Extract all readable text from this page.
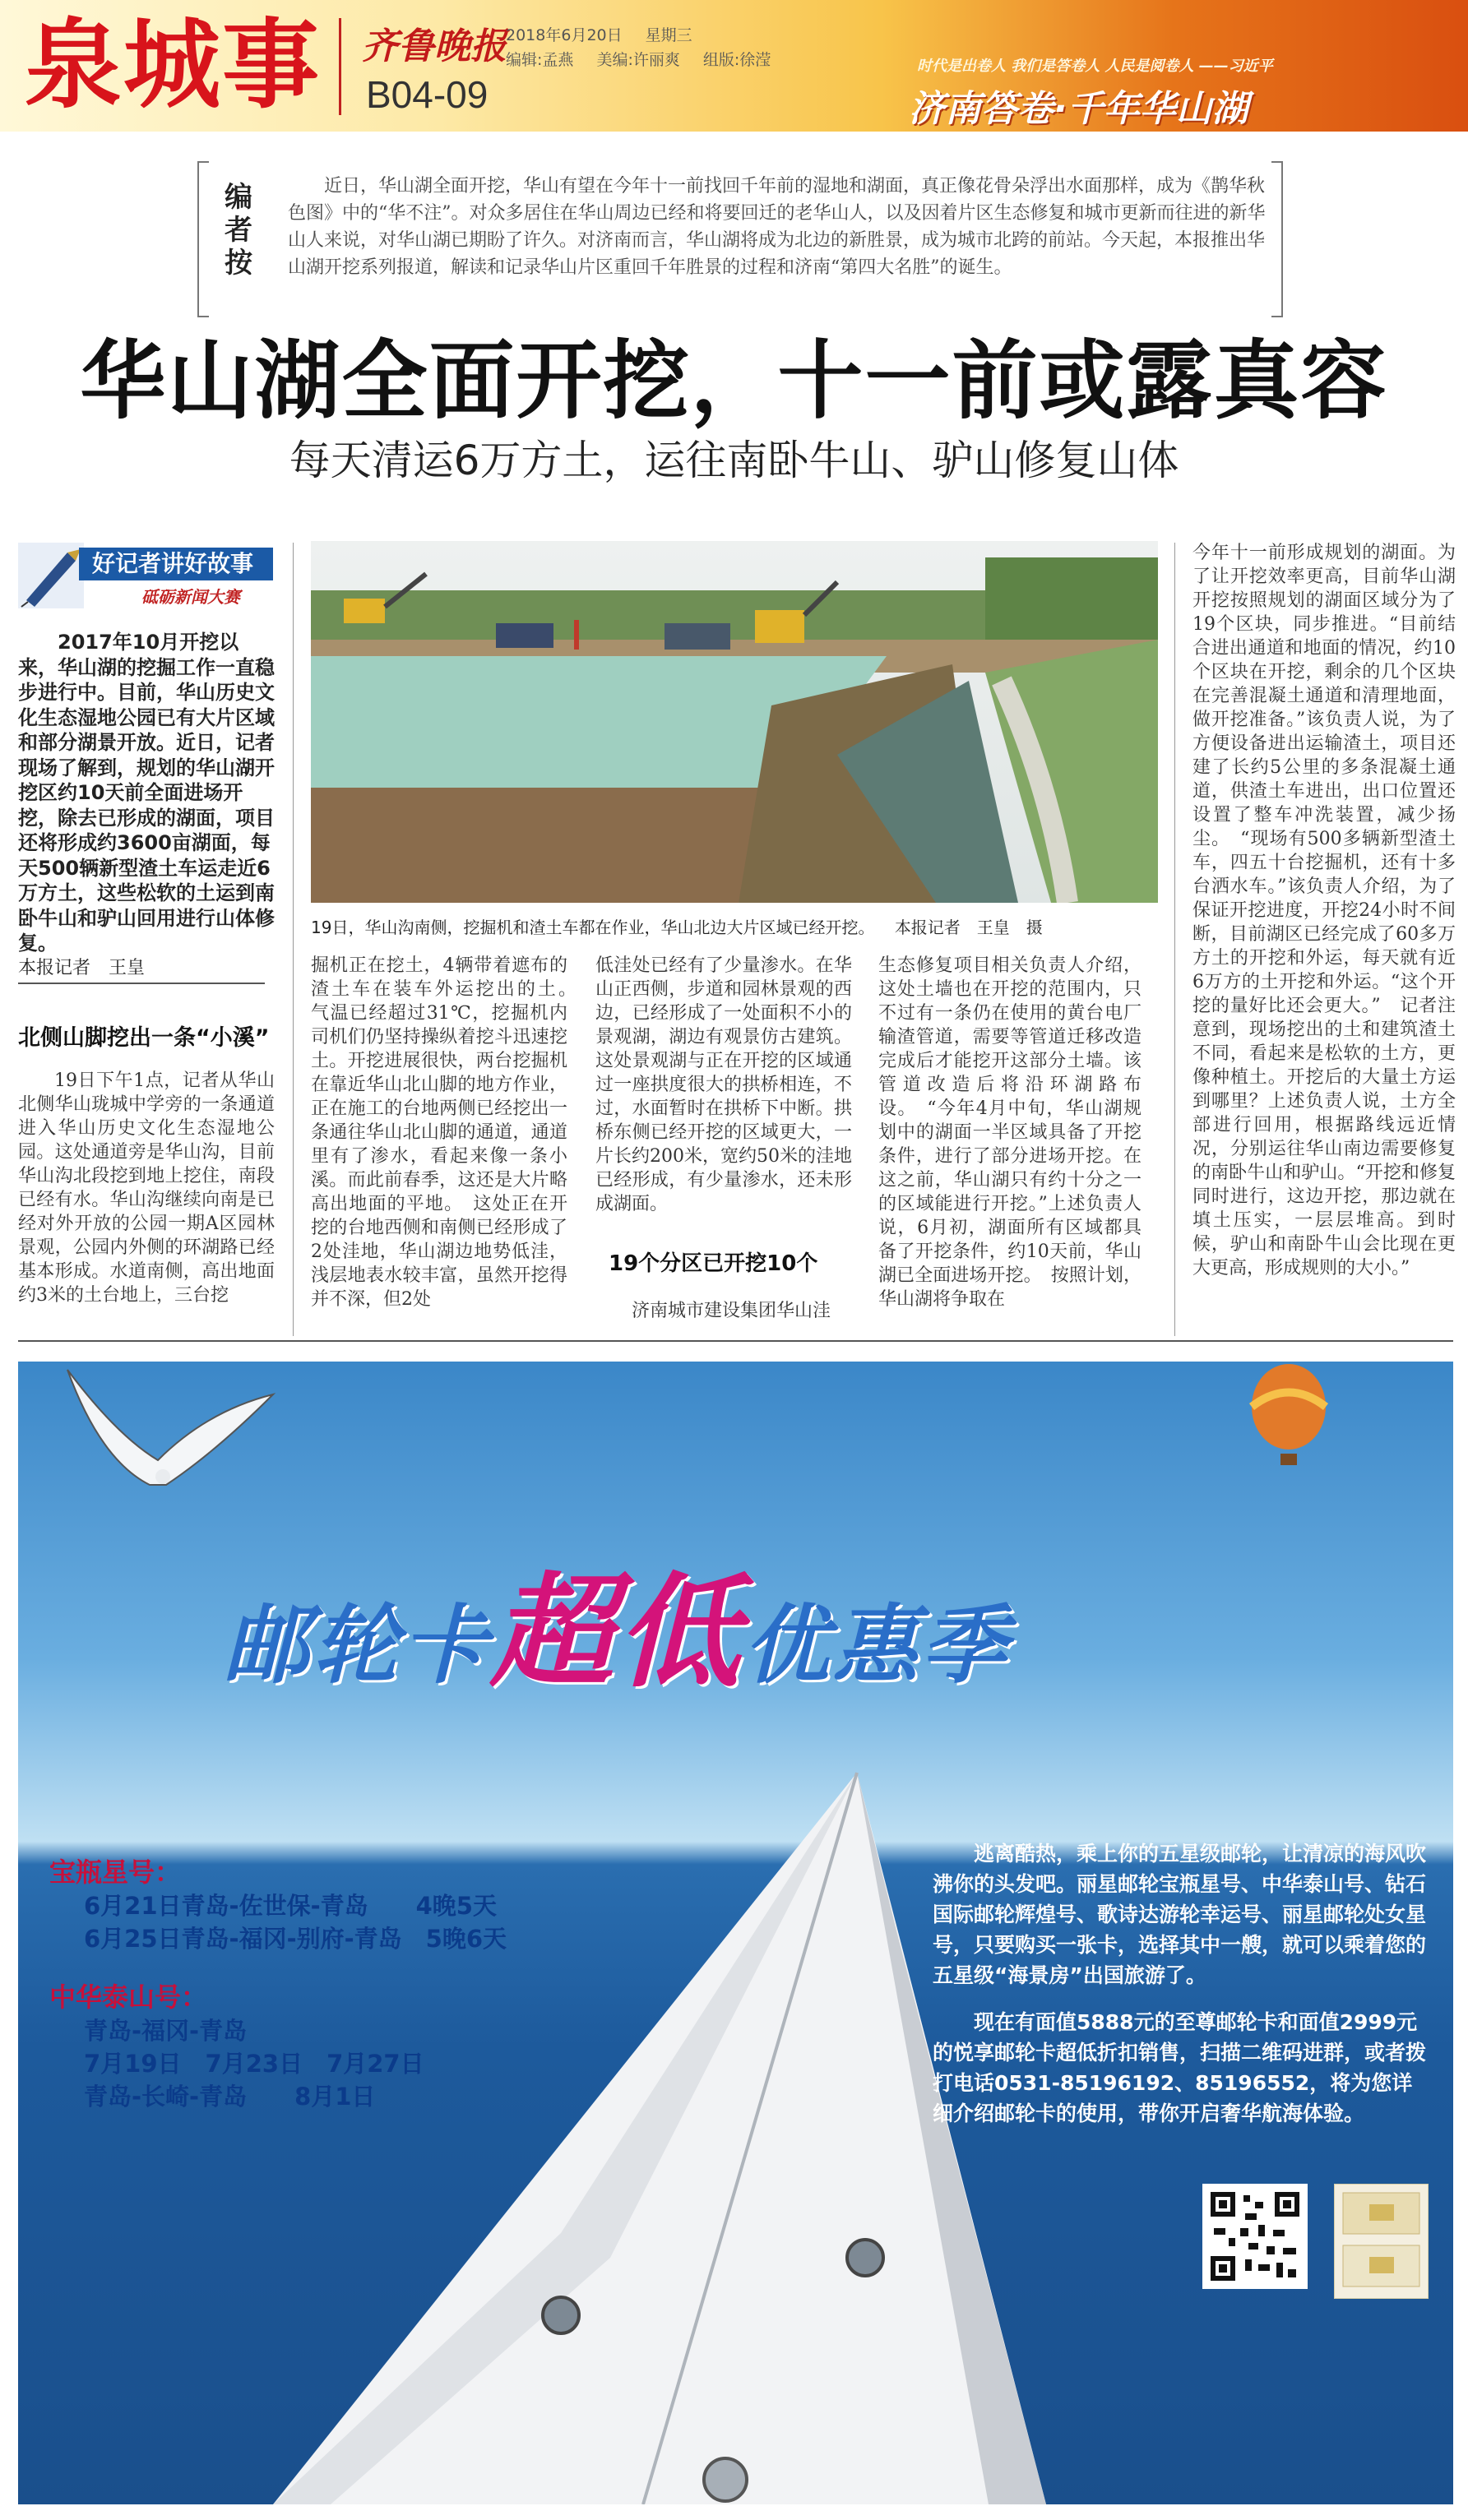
泉城事 齐鲁晚报
B04-09
2018年6月20日 星期三
编辑:孟燕 美编:许丽爽 组版:徐滢	时代是出卷人 我们是答卷人 人民是阅卷人 ——习近平
济南答卷·千年华山湖
编者按
近日，华山湖全面开挖，华山有望在今年十一前找回千年前的湿地和湖面，真正像花骨朵浮出水面那样，成为《鹊华秋色图》中的“华不注”。对众多居住在华山周边已经和将要回迁的老华山人，以及因着片区生态修复和城市更新而往进的新华山人来说，对华山湖已期盼了许久。对济南而言，华山湖将成为北边的新胜景，成为城市北跨的前站。今天起，本报推出华山湖开挖系列报道，解读和记录华山片区重回千年胜景的过程和济南“第四大名胜”的诞生。
华山湖全面开挖，十一前或露真容
每天清运6万方土，运往南卧牛山、驴山修复山体
好记者讲好故事
砥砺新闻大赛
2017年10月开挖以来，华山湖的挖掘工作一直稳步进行中。目前，华山历史文化生态湿地公园已有大片区域和部分湖景开放。近日，记者现场了解到，规划的华山湖开挖区约10天前全面进场开挖，除去已形成的湖面，项目还将形成约3600亩湖面，每天500辆新型渣土车运走近6万方土，这些松软的土运到南卧牛山和驴山回用进行山体修复。
本报记者　王皇
北侧山脚挖出一条“小溪”
19日下午1点，记者从华山北侧华山珑城中学旁的一条通道进入华山历史文化生态湿地公园。这处通道旁是华山沟，目前华山沟北段挖到地上挖住，南段已经有水。华山沟继续向南是已经对外开放的公园一期A区园林景观，公园内外侧的环湖路已经基本形成。水道南侧，高出地面约3米的土台地上，三台挖
19日，华山沟南侧，挖掘机和渣土车都在作业，华山北边大片区域已经开挖。 本报记者　王皇　摄
掘机正在挖土，4辆带着遮布的渣土车在装车外运挖出的土。　气温已经超过31℃，挖掘机内司机们仍坚持操纵着挖斗迅速挖土。开挖进展很快，两台挖掘机在靠近华山北山脚的地方作业，正在施工的台地两侧已经挖出一条通往华山北山脚的通道，通道里有了渗水，看起来像一条小溪。而此前春季，这还是大片略高出地面的平地。　这处正在开挖的台地西侧和南侧已经形成了2处洼地，华山湖边地势低洼，浅层地表水较丰富，虽然开挖得并不深，但2处
低洼处已经有了少量渗水。在华山正西侧，步道和园林景观的西边，已经形成了一处面积不小的景观湖，湖边有观景仿古建筑。这处景观湖与正在开挖的区域通过一座拱度很大的拱桥相连，不过，水面暂时在拱桥下中断。拱桥东侧已经开挖的区域更大，一片长约200米，宽约50米的洼地已经形成，有少量渗水，还未形成湖面。
19个分区已开挖10个
济南城市建设集团华山洼
生态修复项目相关负责人介绍，这处土墙也在开挖的范围内，只不过有一条仍在使用的黄台电厂输渣管道，需要等管道迁移改造完成后才能挖开这部分土墙。该管道改造后将沿环湖路布设。　“今年4月中旬，华山湖规划中的湖面一半区域具备了开挖条件，进行了部分进场开挖。在这之前，华山湖只有约十分之一的区域能进行开挖。”上述负责人说，6月初，湖面所有区域都具备了开挖条件，约10天前，华山湖已全面进场开挖。　按照计划，华山湖将争取在
今年十一前形成规划的湖面。为了让开挖效率更高，目前华山湖开挖按照规划的湖面区域分为了19个区块，同步推进。“目前结合进出通道和地面的情况，约10个区块在开挖，剩余的几个区块在完善混凝土通道和清理地面，做开挖准备。”该负责人说，为了方便设备进出运输渣土，项目还建了长约5公里的多条混凝土通道，供渣土车进出，出口位置还设置了整车冲洗装置，减少扬尘。　“现场有500多辆新型渣土车，四五十台挖掘机，还有十多台洒水车。”该负责人介绍，为了保证开挖进度，开挖24小时不间断，目前湖区已经完成了60多万方土的开挖和外运，每天就有近6万方的土开挖和外运。“这个开挖的量好比还会更大。”　记者注意到，现场挖出的土和建筑渣土不同，看起来是松软的土方，更像种植土。开挖后的大量土方运到哪里？上述负责人说，土方全部进行回用，根据路线远近情况，分别运往华山南边需要修复的南卧牛山和驴山。“开挖和修复同时进行，这边开挖，那边就在填土压实，一层层堆高。到时候，驴山和南卧牛山会比现在更大更高，形成规则的大小。”
邮轮卡超低优惠季
宝瓶星号：
6月21日青岛-佐世保-青岛　　4晚5天
6月25日青岛-福冈-别府-青岛　5晚6天
中华泰山号：
青岛-福冈-青岛
7月19日　7月23日　7月27日
青岛-长崎-青岛　　8月1日
逃离酷热，乘上你的五星级邮轮，让清凉的海风吹沸你的头发吧。丽星邮轮宝瓶星号、中华泰山号、钻石国际邮轮辉煌号、歌诗达游轮幸运号、丽星邮轮处女星号，只要购买一张卡，选择其中一艘，就可以乘着您的五星级“海景房”出国旅游了。
现在有面值5888元的至尊邮轮卡和面值2999元的悦享邮轮卡超低折扣销售，扫描二维码进群，或者拨打电话0531-85196192、85196552，将为您详细介绍邮轮卡的使用，带你开启奢华航海体验。
